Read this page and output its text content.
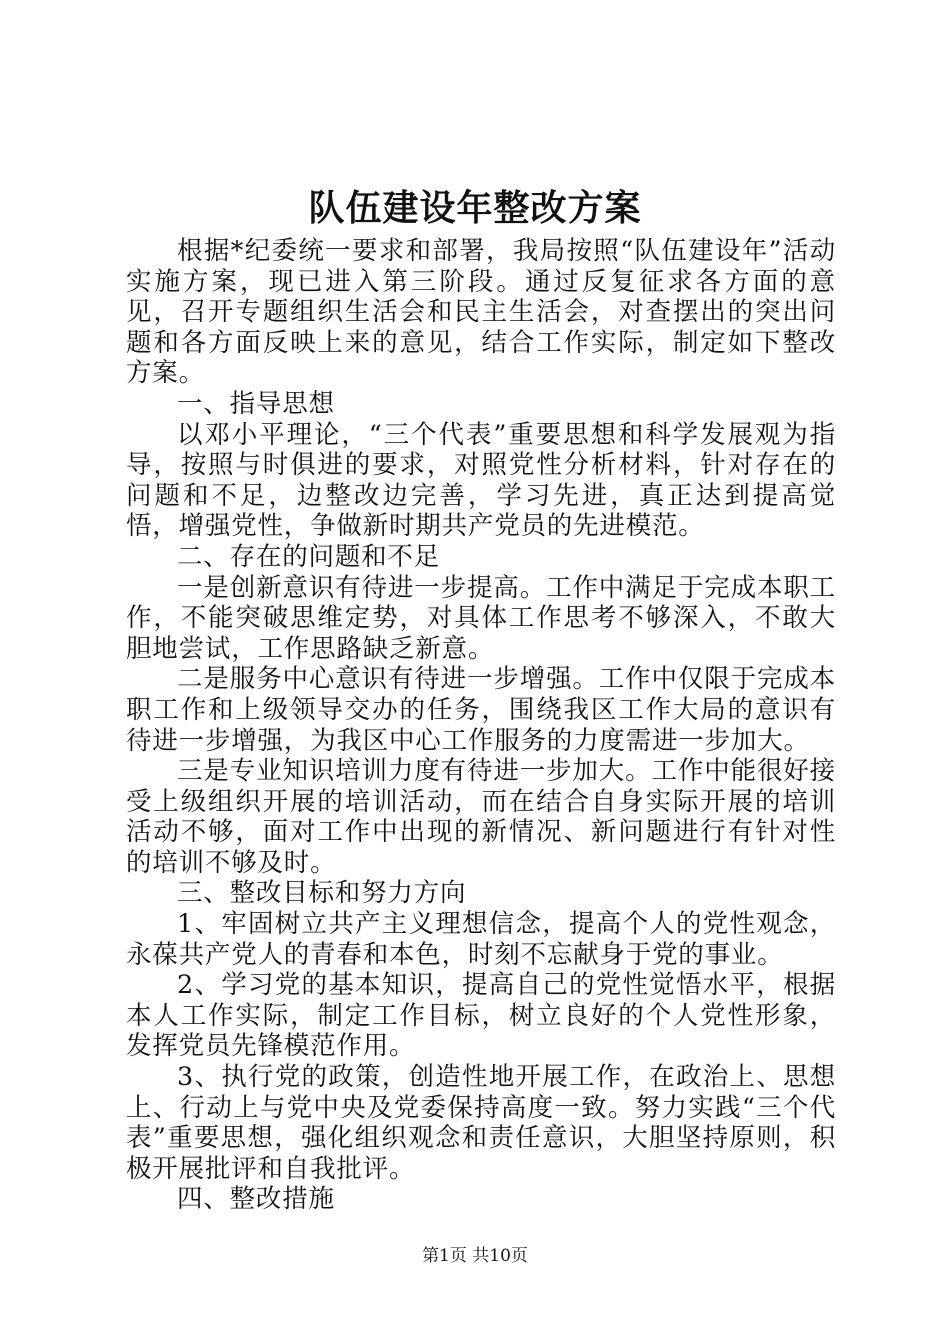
队伍建设年整改方案

根据*纪委统一要求和部署，我局按照“队伍建设年”活动实施方案，现已进入第三阶段。通过反复征求各方面的意见，召开专题组织生活会和民主生活会，对查摆出的突出问题和各方面反映上来的意见，结合工作实际，制定如下整改方案。

一、指导思想

以邓小平理论，“三个代表”重要思想和科学发展观为指导，按照与时俱进的要求，对照党性分析材料，针对存在的问题和不足，边整改边完善，学习先进，真正达到提高觉悟，增强党性，争做新时期共产党员的先进模范。

二、存在的问题和不足

一是创新意识有待进一步提高。工作中满足于完成本职工作，不能突破思维定势，对具体工作思考不够深入，不敢大胆地尝试，工作思路缺乏新意。

二是服务中心意识有待进一步增强。工作中仅限于完成本职工作和上级领导交办的任务，围绕我区工作大局的意识有待进一步增强，为我区中心工作服务的力度需进一步加大。

三是专业知识培训力度有待进一步加大。工作中能很好接受上级组织开展的培训活动，而在结合自身实际开展的培训活动不够，面对工作中出现的新情况、新问题进行有针对性的培训不够及时。

三、整改目标和努力方向

1、牢固树立共产主义理想信念，提高个人的党性观念，永葆共产党人的青春和本色，时刻不忘献身于党的事业。

2、学习党的基本知识，提高自己的党性觉悟水平，根据本人工作实际，制定工作目标，树立良好的个人党性形象，发挥党员先锋模范作用。

3、执行党的政策，创造性地开展工作，在政治上、思想上、行动上与党中央及党委保持高度一致。努力实践“三个代表”重要思想，强化组织观念和责任意识，大胆坚持原则，积极开展批评和自我批评。

四、整改措施

第1页 共10页
